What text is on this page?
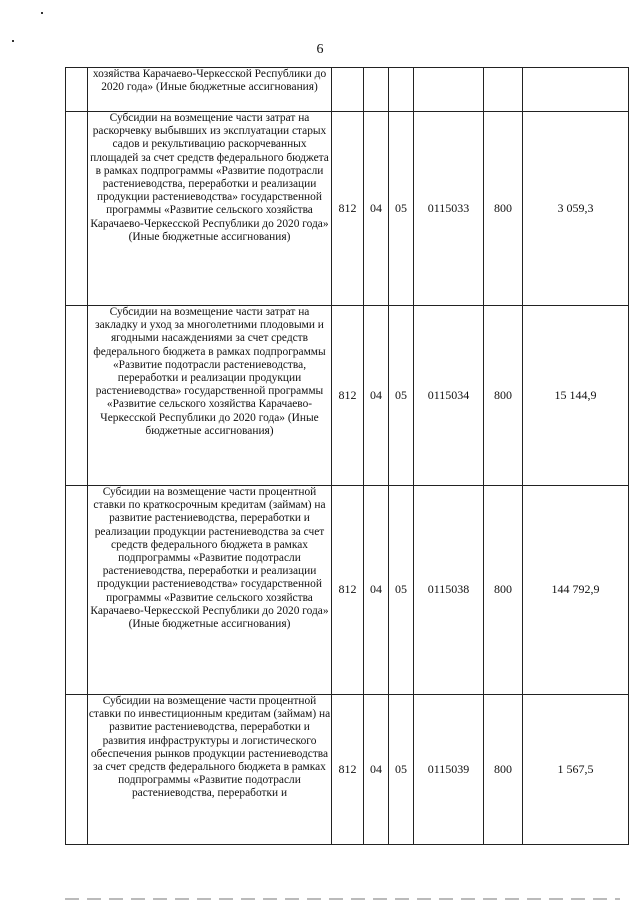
6
	хозяйства Карачаево-Черкесской Республики до 2020 года» (Иные бюджетные ассигнования)						
	Субсидии на возмещение части затрат на раскорчевку выбывших из эксплуатации старых садов и рекультивацию раскорчеванных площадей за счет средств федерального бюджета в рамках подпрограммы «Развитие подотрасли растениеводства, переработки и реализации продукции растениеводства» государственной программы «Развитие сельского хозяйства Карачаево-Черкесской Республики до 2020 года» (Иные бюджетные ассигнования)	812	04	05	0115033	800	3 059,3
	Субсидии на возмещение части затрат на закладку и уход за многолетними плодовыми и ягодными насаждениями за счет средств федерального бюджета в рамках подпрограммы «Развитие подотрасли растениеводства, переработки и реализации продукции растениеводства» государственной программы «Развитие сельского хозяйства Карачаево-Черкесской Республики до 2020 года» (Иные бюджетные ассигнования)	812	04	05	0115034	800	15 144,9
	Субсидии на возмещение части процентной ставки по краткосрочным кредитам (займам) на развитие растениеводства, переработки и реализации продукции растениеводства за счет средств федерального бюджета в рамках подпрограммы «Развитие подотрасли растениеводства, переработки и реализации продукции растениеводства» государственной программы «Развитие сельского хозяйства Карачаево-Черкесской Республики до 2020 года» (Иные бюджетные ассигнования)	812	04	05	0115038	800	144 792,9
	Субсидии на возмещение части процентной ставки по инвестиционным кредитам (займам) на развитие растениеводства, переработки и развития инфраструктуры и логистического обеспечения рынков продукции растениеводства за счет средств федерального бюджета в рамках подпрограммы «Развитие подотрасли растениеводства, переработки и	812	04	05	0115039	800	1 567,5
